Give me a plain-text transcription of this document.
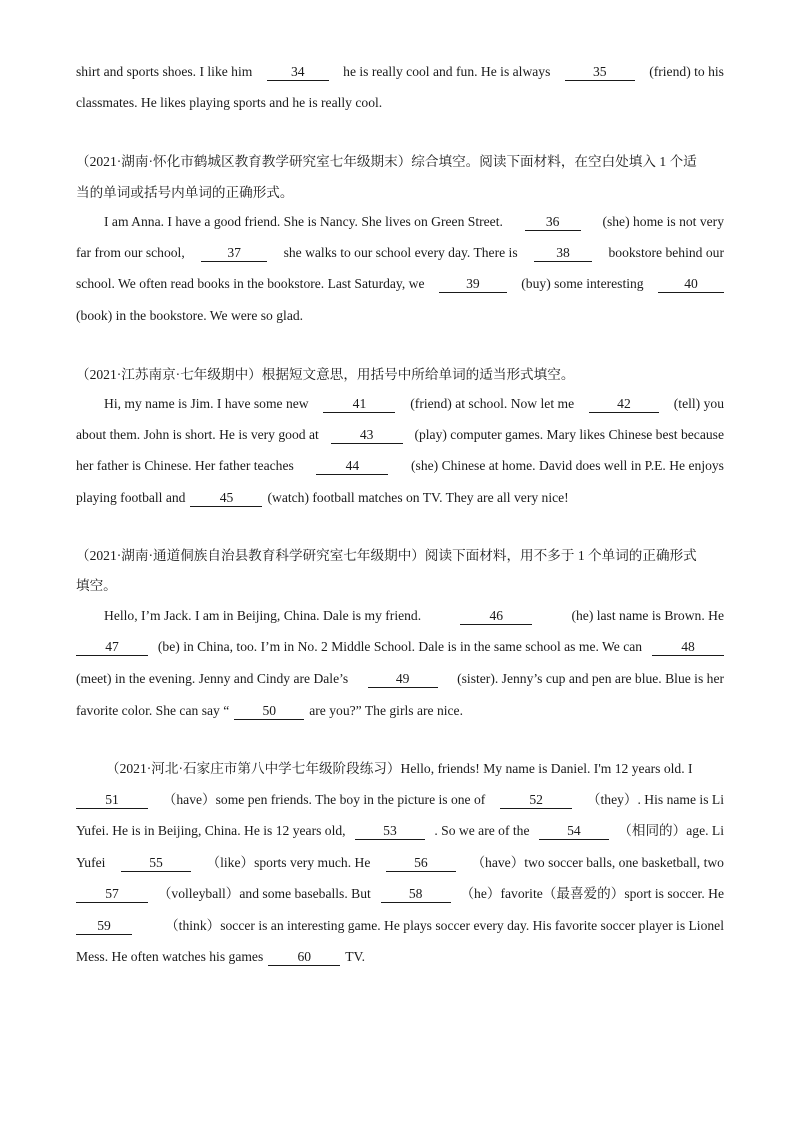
shirt and sports shoes. I like him	34	he is really cool and fun. He is always	35	(friend) to his
classmates. He likes playing sports and he is really cool.
（2021·湖南·怀化市鹤城区教育教学研究室七年级期末）综合填空。阅读下面材料，在空白处填入 1 个适
当的单词或括号内单词的正确形式。
I am Anna. I have a good friend. She is Nancy. She lives on Green Street.	36	(she) home is not very
far from our school,	37	she walks to our school every day. There is	38	bookstore behind our
school. We often read books in the bookstore. Last Saturday, we	39	(buy) some interesting	40
(book) in the bookstore. We were so glad.
（2021·江苏南京·七年级期中）根据短文意思，用括号中所给单词的适当形式填空。
Hi, my name is Jim. I have some new	41	(friend) at school. Now let me	42	(tell) you
about them. John is short. He is very good at	43	(play) computer games. Mary likes Chinese best because
her father is Chinese. Her father teaches	44	(she) Chinese at home. David does well in P.E. He enjoys
playing football and	45	(watch) football matches on TV. They are all very nice!
（2021·湖南·通道侗族自治县教育科学研究室七年级期中）阅读下面材料，用不多于 1 个单词的正确形式
填空。
Hello, I’m Jack. I am in Beijing, China. Dale is my friend.	46	(he) last name is Brown. He
47	(be) in China, too. I’m in No. 2 Middle School. Dale is in the same school as me. We can	48
(meet) in the evening. Jenny and Cindy are Dale’s	49	(sister). Jenny’s cup and pen are blue. Blue is her
favorite color. She can say “	50	are you?” The girls are nice.
（2021·河北·石家庄市第八中学七年级阶段练习）Hello, friends! My name is Daniel. I'm 12 years old. I
51	（have）some pen friends. The boy in the picture is one of	52	（they）. His name is Li
Yufei. He is in Beijing, China. He is 12 years old,	53	. So we are of the	54	（相同的）age. Li
Yufei	55	（like）sports very much. He	56	（have）two soccer balls, one basketball, two
57	（volleyball）and some baseballs. But	58	（he）favorite（最喜爱的）sport is soccer. He
59	（think）soccer is an interesting game. He plays soccer every day. His favorite soccer player is Lionel
Mess. He often watches his games	60	TV.
